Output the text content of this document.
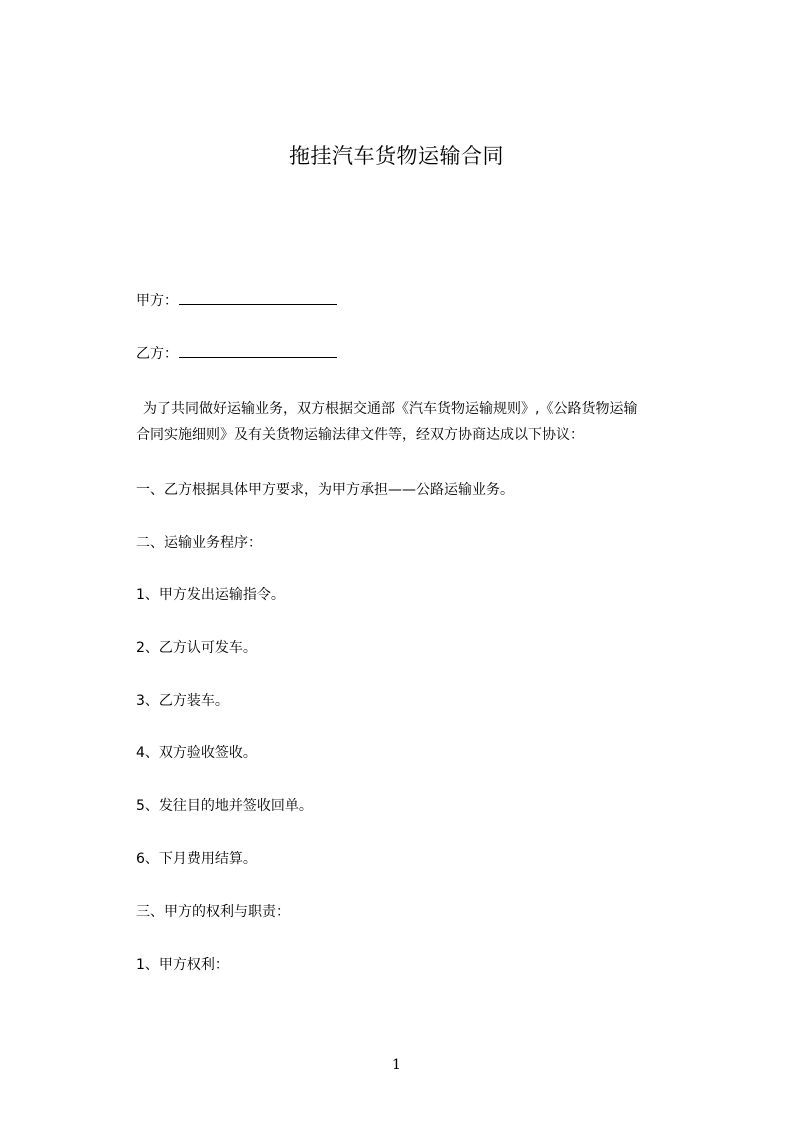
拖挂汽车货物运输合同

甲方：

乙方：

为了共同做好运输业务，双方根据交通部《汽车货物运输规则》,《公路货物运输
合同实施细则》及有关货物运输法律文件等，经双方协商达成以下协议：

一、乙方根据具体甲方要求，为甲方承担——公路运输业务。

二、运输业务程序：

1、甲方发出运输指令。

2、乙方认可发车。

3、乙方装车。

4、双方验收签收。

5、发往目的地并签收回单。

6、下月费用结算。

三、甲方的权利与职责：

1、甲方权利：

1
